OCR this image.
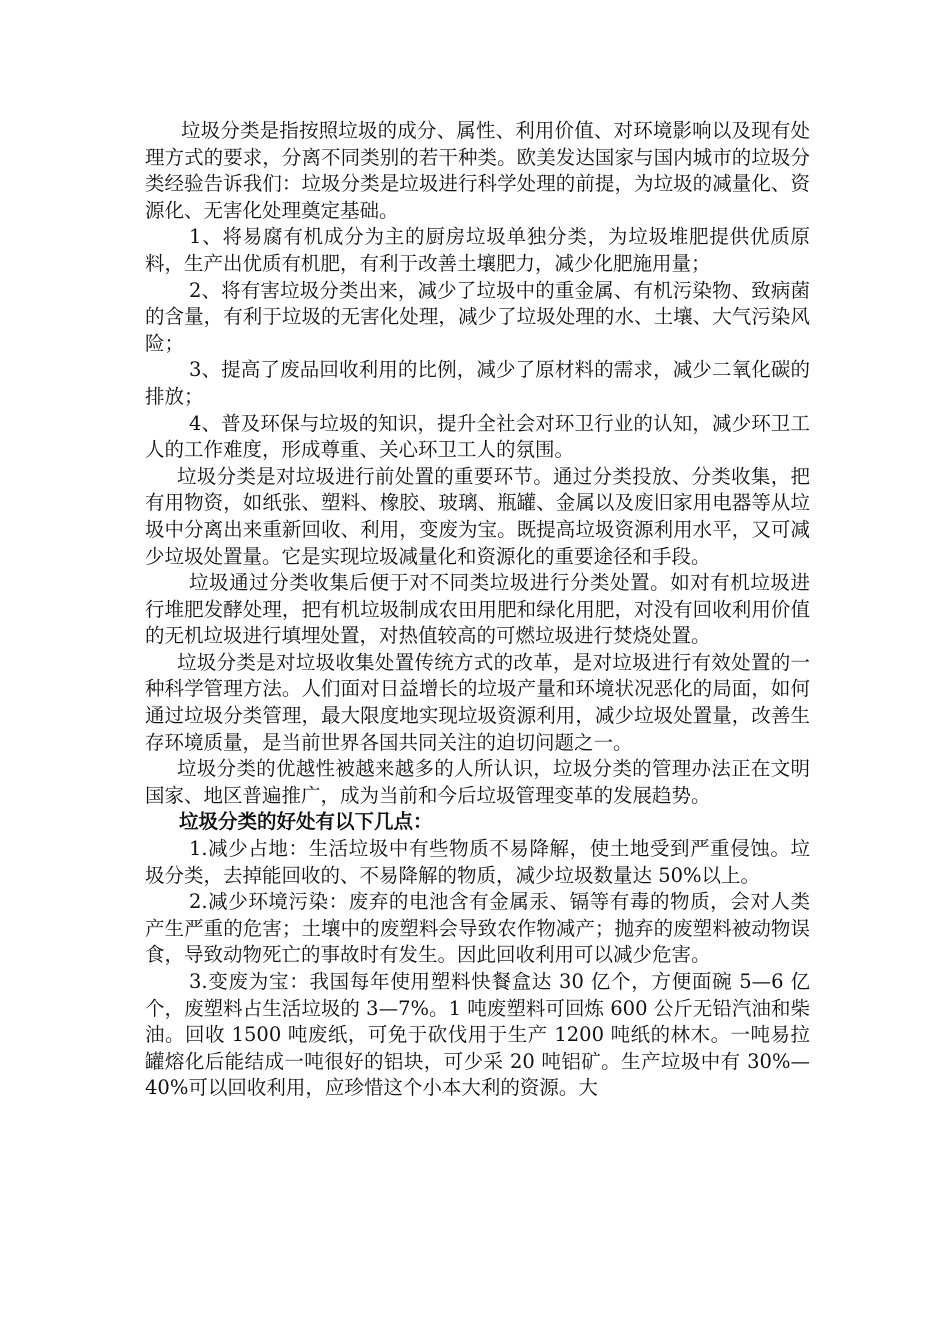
垃圾分类是指按照垃圾的成分、属性、利用价值、对环境影响以及现有处理方式的要求，分离不同类别的若干种类。欧美发达国家与国内城市的垃圾分类经验告诉我们：垃圾分类是垃圾进行科学处理的前提，为垃圾的减量化、资源化、无害化处理奠定基础。

1、将易腐有机成分为主的厨房垃圾单独分类，为垃圾堆肥提供优质原料，生产出优质有机肥，有利于改善土壤肥力，减少化肥施用量；

2、将有害垃圾分类出来，减少了垃圾中的重金属、有机污染物、致病菌的含量，有利于垃圾的无害化处理，减少了垃圾处理的水、土壤、大气污染风险；

3、提高了废品回收利用的比例，减少了原材料的需求，减少二氧化碳的排放；

4、普及环保与垃圾的知识，提升全社会对环卫行业的认知，减少环卫工人的工作难度，形成尊重、关心环卫工人的氛围。

垃圾分类是对垃圾进行前处置的重要环节。通过分类投放、分类收集，把有用物资，如纸张、塑料、橡胶、玻璃、瓶罐、金属以及废旧家用电器等从垃圾中分离出来重新回收、利用，变废为宝。既提高垃圾资源利用水平，又可减少垃圾处置量。它是实现垃圾减量化和资源化的重要途径和手段。

垃圾通过分类收集后便于对不同类垃圾进行分类处置。如对有机垃圾进行堆肥发酵处理，把有机垃圾制成农田用肥和绿化用肥，对没有回收利用价值的无机垃圾进行填埋处置，对热值较高的可燃垃圾进行焚烧处置。

垃圾分类是对垃圾收集处置传统方式的改革，是对垃圾进行有效处置的一种科学管理方法。人们面对日益增长的垃圾产量和环境状况恶化的局面，如何通过垃圾分类管理，最大限度地实现垃圾资源利用，减少垃圾处置量，改善生存环境质量，是当前世界各国共同关注的迫切问题之一。

垃圾分类的优越性被越来越多的人所认识，垃圾分类的管理办法正在文明国家、地区普遍推广，成为当前和今后垃圾管理变革的发展趋势。

垃圾分类的好处有以下几点：

1.减少占地：生活垃圾中有些物质不易降解，使土地受到严重侵蚀。垃圾分类，去掉能回收的、不易降解的物质，减少垃圾数量达 50%以上。

2.减少环境污染：废弃的电池含有金属汞、镉等有毒的物质，会对人类产生严重的危害；土壤中的废塑料会导致农作物减产；抛弃的废塑料被动物误食，导致动物死亡的事故时有发生。因此回收利用可以减少危害。

3.变废为宝：我国每年使用塑料快餐盒达 30 亿个，方便面碗 5—6 亿个，废塑料占生活垃圾的 3—7%。1 吨废塑料可回炼 600 公斤无铅汽油和柴油。回收 1500 吨废纸，可免于砍伐用于生产 1200 吨纸的林木。一吨易拉罐熔化后能结成一吨很好的铝块，可少采 20 吨铝矿。生产垃圾中有 30%—40%可以回收利用，应珍惜这个小本大利的资源。大
